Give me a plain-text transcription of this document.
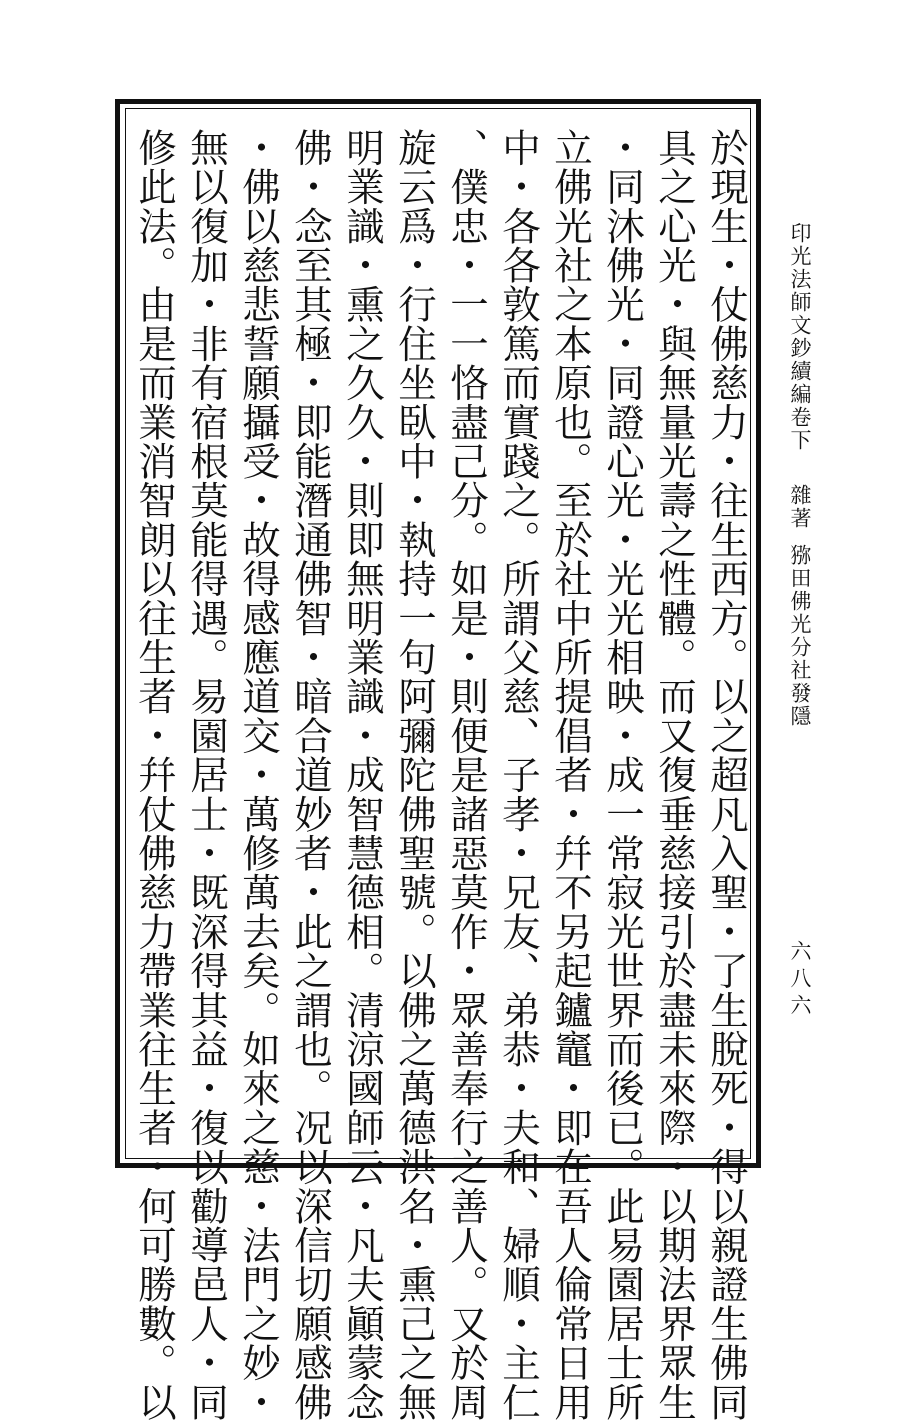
於現生・仗佛慈力・往生西方。以之超凡入聖・了生脫死・得以親證生佛同
具之心光・與無量光壽之性體。而又復垂慈接引於盡未來際・以期法界眾生
・同沐佛光・同證心光・光光相映・成一常寂光世界而後已。此易園居士所
立佛光社之本原也。至於社中所提倡者・幷不另起鑪竈・即在吾人倫常日用
中・各各敦篤而實踐之。所謂父慈、子孝・兄友、弟恭・夫和、婦順・主仁
、僕忠・一一恪盡己分。如是・則便是諸惡莫作・眾善奉行之善人。又於周
旋云爲・行住坐臥中・執持一句阿彌陀佛聖號。以佛之萬德洪名・熏己之無
明業識・熏之久久・則即無明業識・成智慧德相。清涼國師云・凡夫顚蒙念
佛・念至其極・即能潛通佛智・暗合道妙者・此之謂也。况以深信切願感佛
・佛以慈悲誓願攝受・故得感應道交・萬修萬去矣。如來之慈・法門之妙・
無以復加・非有宿根莫能得遇。易園居士・既深得其益・復以勸導邑人・同
修此法。由是而業消智朗以往生者・幷仗佛慈力帶業往生者・何可勝數。以	印光法師文鈔續編卷下
雜著
猕田佛光分社發隱
六八六
